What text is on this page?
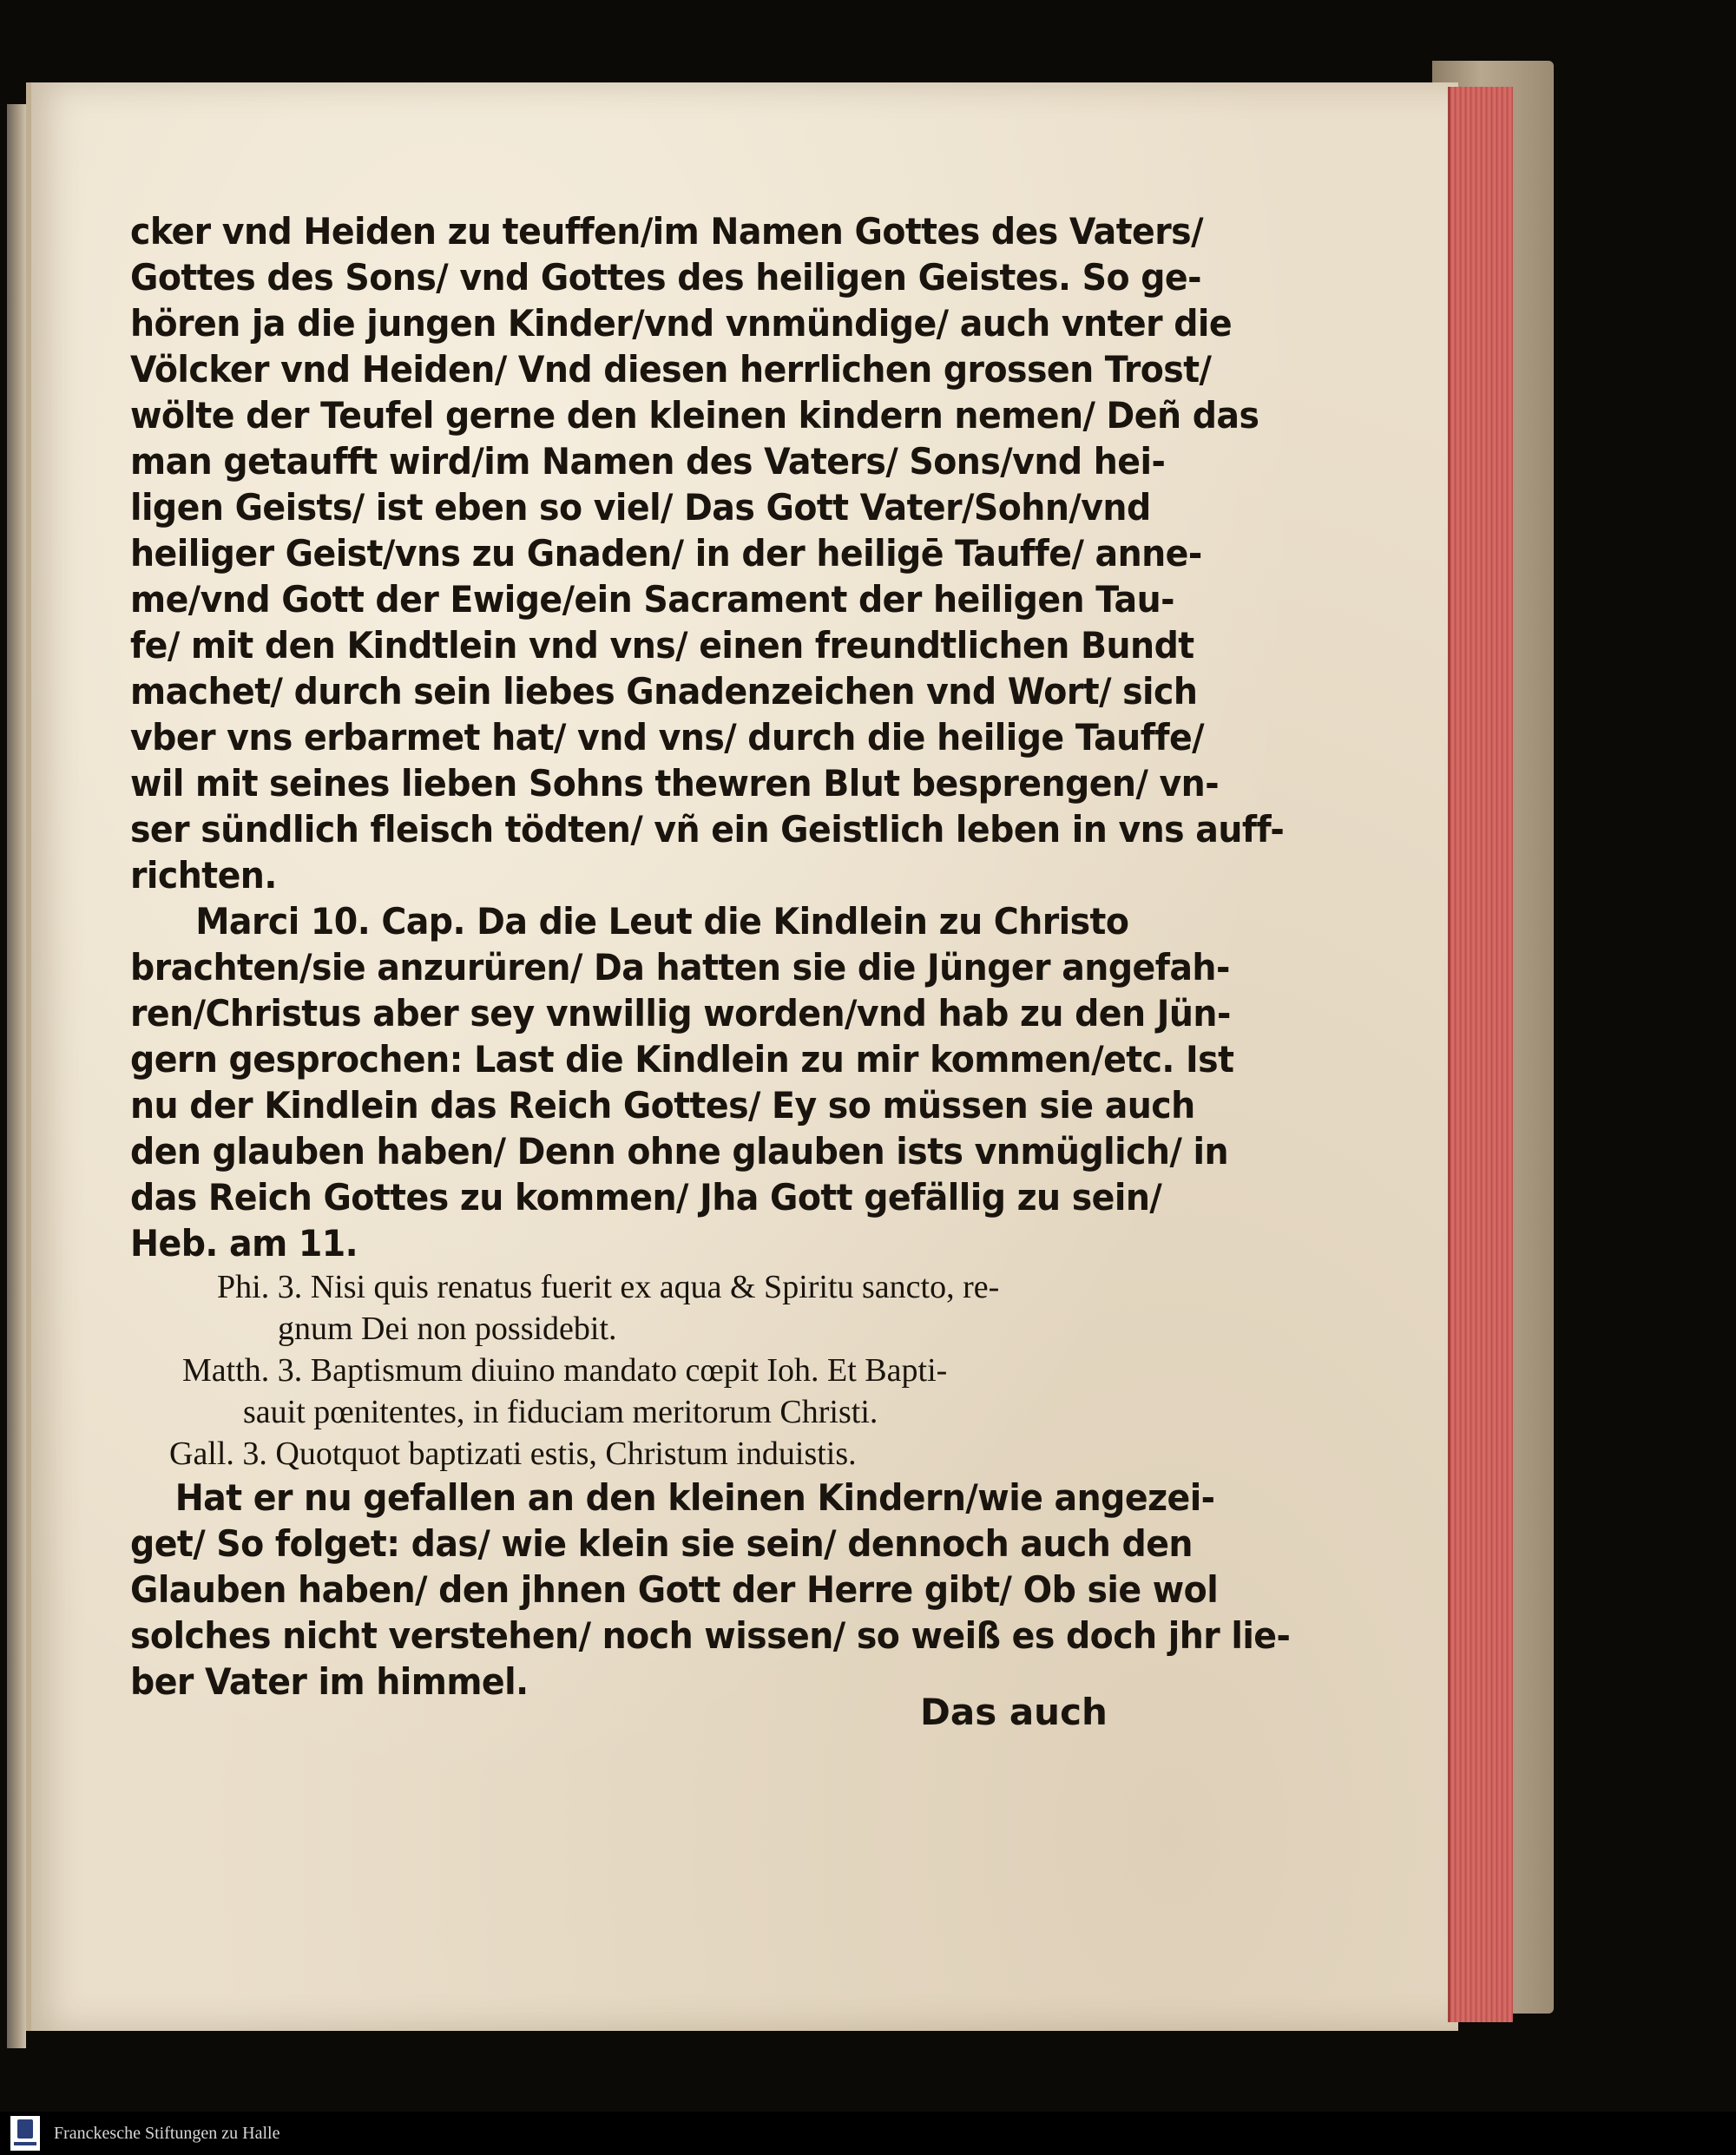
cker vnd Heiden zu teuffen/im Namen Gottes des Vaters/
Gottes des Sons/ vnd Gottes des heiligen Geistes. So ge-
hören ja die jungen Kinder/vnd vnmündige/ auch vnter die
Völcker vnd Heiden/ Vnd diesen herrlichen grossen Trost/
wölte der Teufel gerne den kleinen kindern nemen/ Deñ das
man getaufft wird/im Namen des Vaters/ Sons/vnd hei-
ligen Geists/ ist eben so viel/ Das Gott Vater/Sohn/vnd
heiliger Geist/vns zu Gnaden/ in der heiligē Tauffe/ anne-
me/vnd Gott der Ewige/ein Sacrament der heiligen Tau-
fe/ mit den Kindtlein vnd vns/ einen freundtlichen Bundt
machet/ durch sein liebes Gnadenzeichen vnd Wort/ sich
vber vns erbarmet hat/ vnd vns/ durch die heilige Tauffe/
wil mit seines lieben Sohns thewren Blut besprengen/ vn-
ser sündlich fleisch tödten/ vñ ein Geistlich leben in vns auff-
richten.
Marci 10. Cap. Da die Leut die Kindlein zu Christo
brachten/sie anzurüren/ Da hatten sie die Jünger angefah-
ren/Christus aber sey vnwillig worden/vnd hab zu den Jün-
gern gesprochen: Last die Kindlein zu mir kommen/etc. Ist
nu der Kindlein das Reich Gottes/ Ey so müssen sie auch
den glauben haben/ Denn ohne glauben ists vnmüglich/ in
das Reich Gottes zu kommen/ Jha Gott gefällig zu sein/
Heb. am 11.
Phi. 3. Nisi quis renatus fuerit ex aqua & Spiritu sancto, re-
gnum Dei non possidebit.
Matth. 3. Baptismum diuino mandato cœpit Ioh. Et Bapti-
sauit pœnitentes, in fiduciam meritorum Christi.
Gall. 3. Quotquot baptizati estis, Christum induistis.
Hat er nu gefallen an den kleinen Kindern/wie angezei-
get/ So folget: das/ wie klein sie sein/ dennoch auch den
Glauben haben/ den jhnen Gott der Herre gibt/ Ob sie wol
solches nicht verstehen/ noch wissen/ so weiß es doch jhr lie-
ber Vater im himmel.
Das auch
Franckesche Stiftungen zu Halle
